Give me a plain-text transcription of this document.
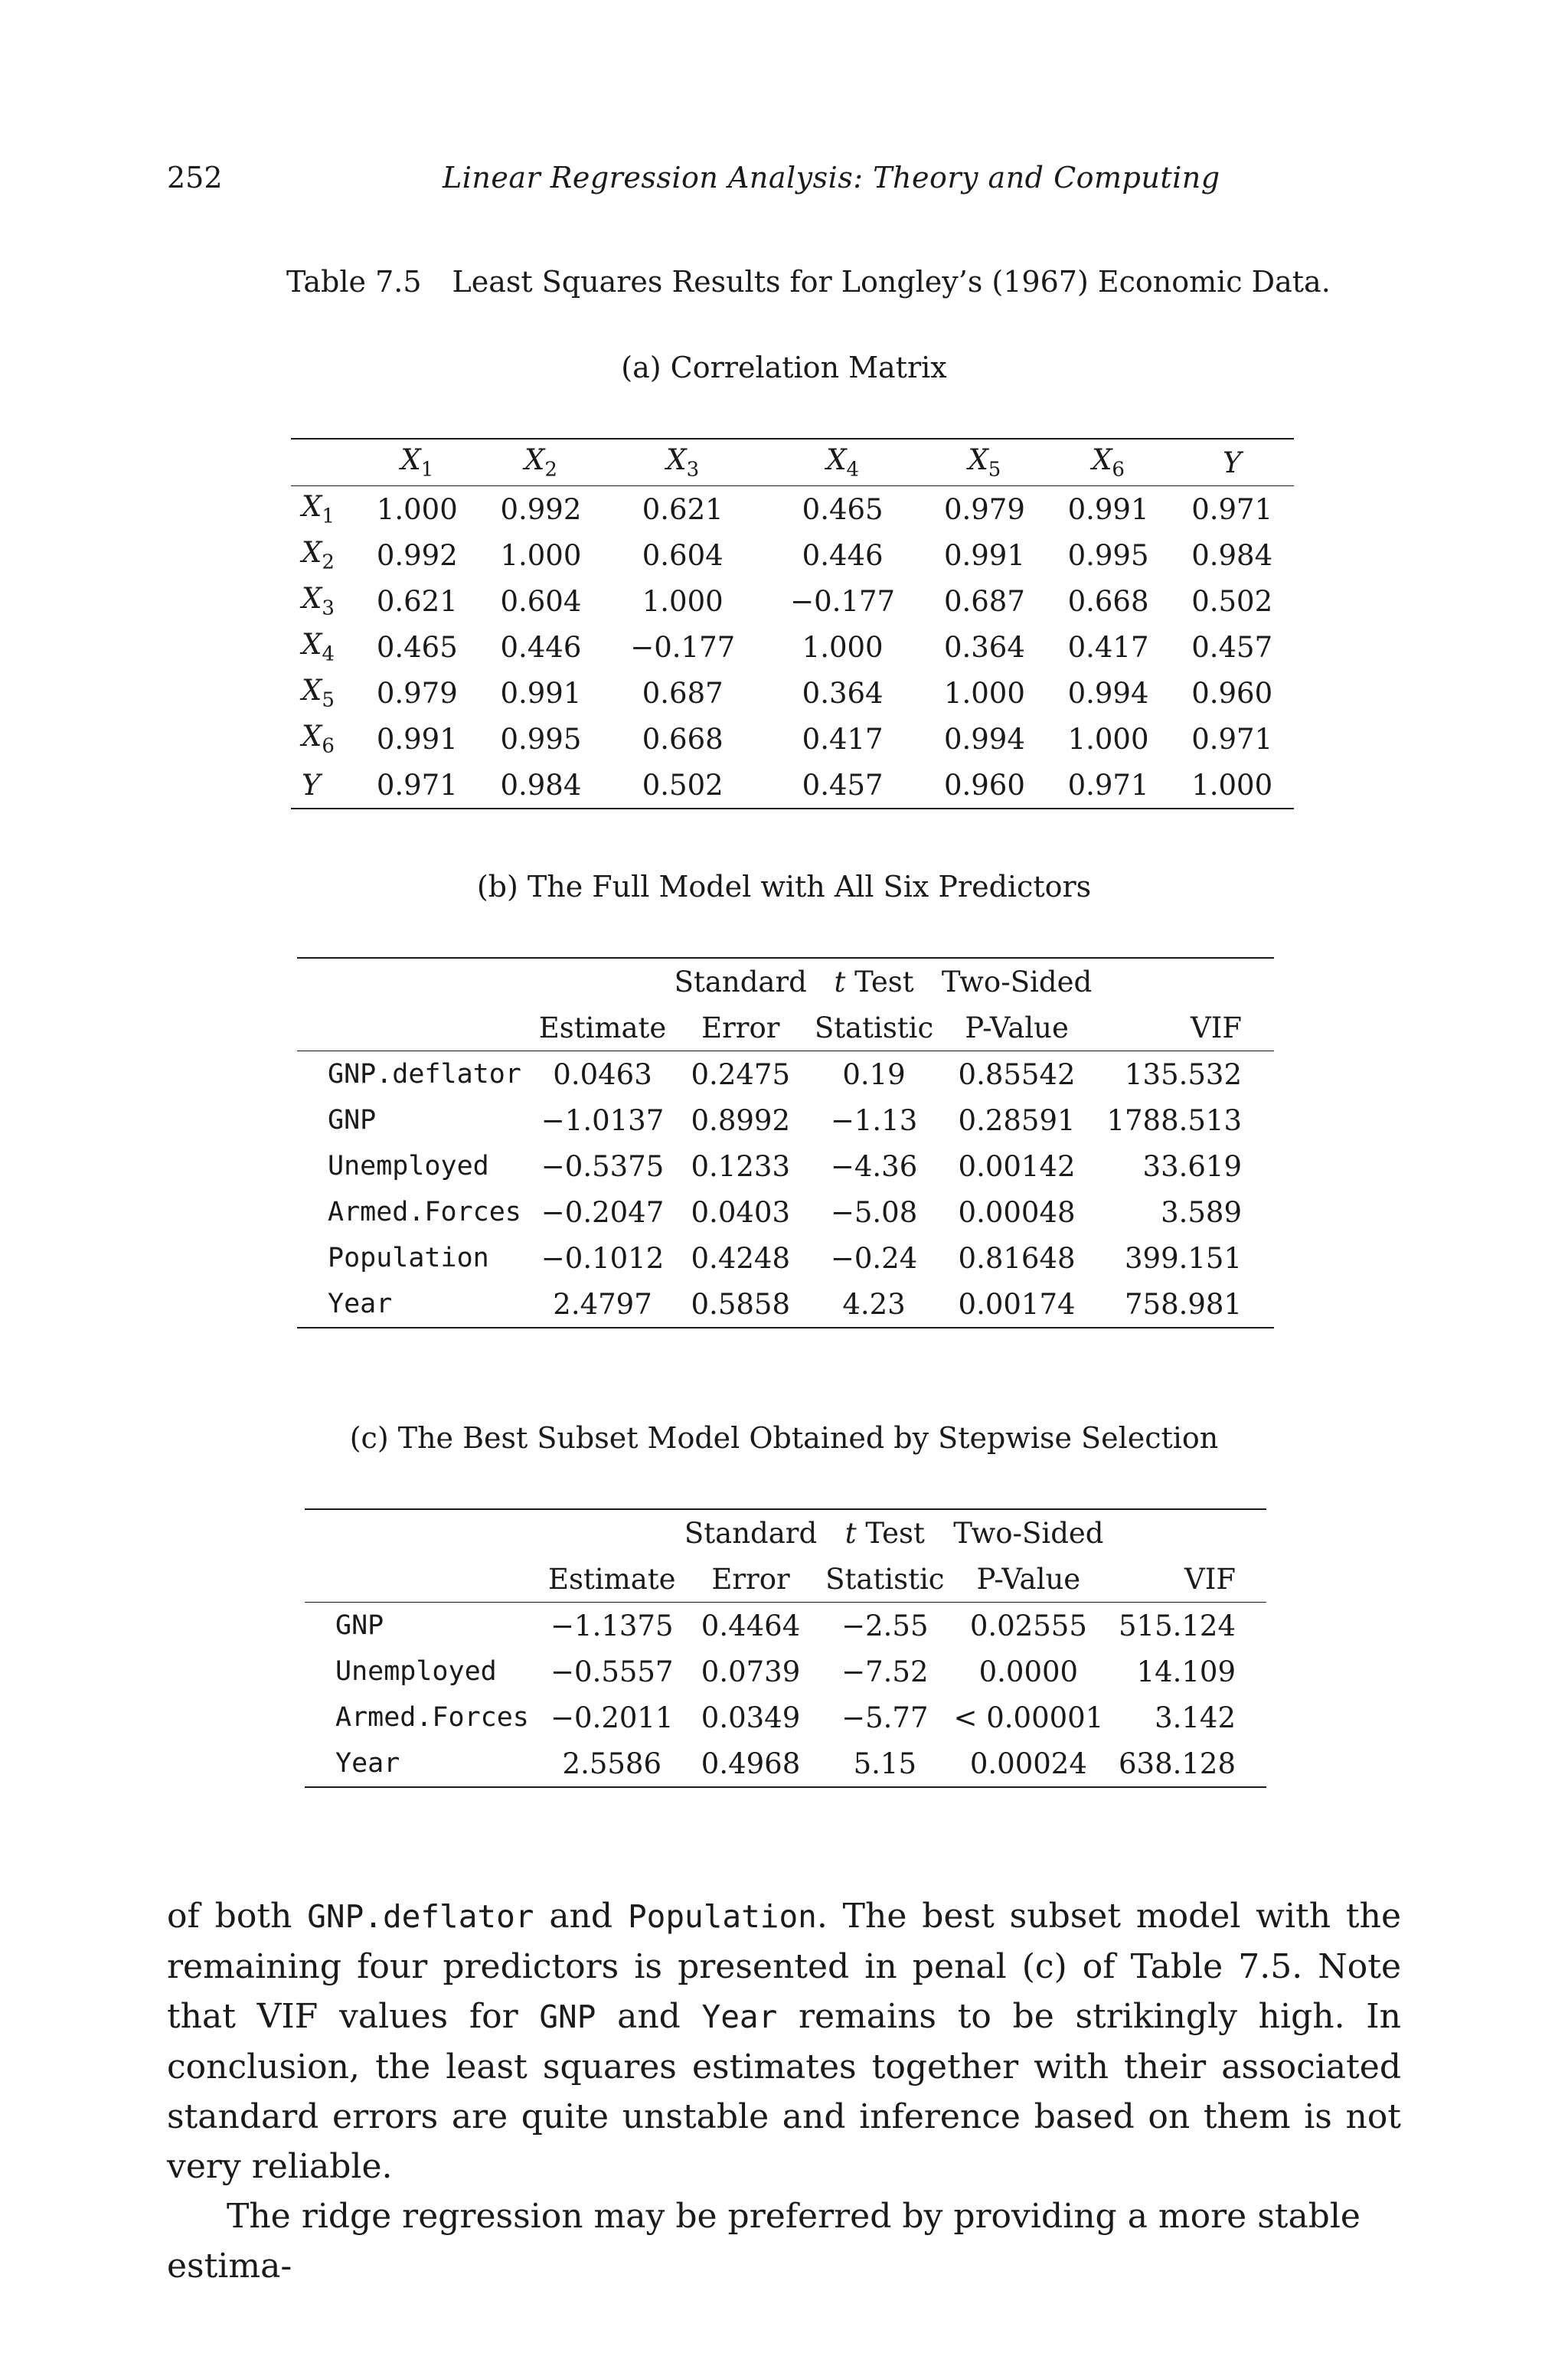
252	Linear Regression Analysis: Theory and Computing
Table 7.5 Least Squares Results for Longley’s (1967) Economic Data.
(a) Correlation Matrix
	$X_1$	$X_2$	$X_3$	$X_4$	$X_5$	$X_6$	Y
$X_1$	1.000	0.992	0.621	0.465	0.979	0.991	0.971
$X_2$	0.992	1.000	0.604	0.446	0.991	0.995	0.984
$X_3$	0.621	0.604	1.000	−0.177	0.687	0.668	0.502
$X_4$	0.465	0.446	−0.177	1.000	0.364	0.417	0.457
$X_5$	0.979	0.991	0.687	0.364	1.000	0.994	0.960
$X_6$	0.991	0.995	0.668	0.417	0.994	1.000	0.971
Y	0.971	0.984	0.502	0.457	0.960	0.971	1.000
(b) The Full Model with All Six Predictors
		Standard	t Test	Two-Sided	
	Estimate	Error	Statistic	P-Value	VIF
GNP.deflator	0.0463	0.2475	0.19	0.85542	135.532
GNP	−1.0137	0.8992	−1.13	0.28591	1788.513
Unemployed	−0.5375	0.1233	−4.36	0.00142	33.619
Armed.Forces	−0.2047	0.0403	−5.08	0.00048	3.589
Population	−0.1012	0.4248	−0.24	0.81648	399.151
Year	2.4797	0.5858	4.23	0.00174	758.981
(c) The Best Subset Model Obtained by Stepwise Selection
		Standard	t Test	Two-Sided	
	Estimate	Error	Statistic	P-Value	VIF
GNP	−1.1375	0.4464	−2.55	0.02555	515.124
Unemployed	−0.5557	0.0739	−7.52	0.0000	14.109
Armed.Forces	−0.2011	0.0349	−5.77	< 0.00001	3.142
Year	2.5586	0.4968	5.15	0.00024	638.128

of both GNP.deflator and Population. The best subset model with the remaining four predictors is presented in penal (c) of Table 7.5. Note that VIF values for GNP and Year remains to be strikingly high. In conclusion, the least squares estimates together with their associated standard errors are quite unstable and inference based on them is not very reliable.

The ridge regression may be preferred by providing a more stable estima-
